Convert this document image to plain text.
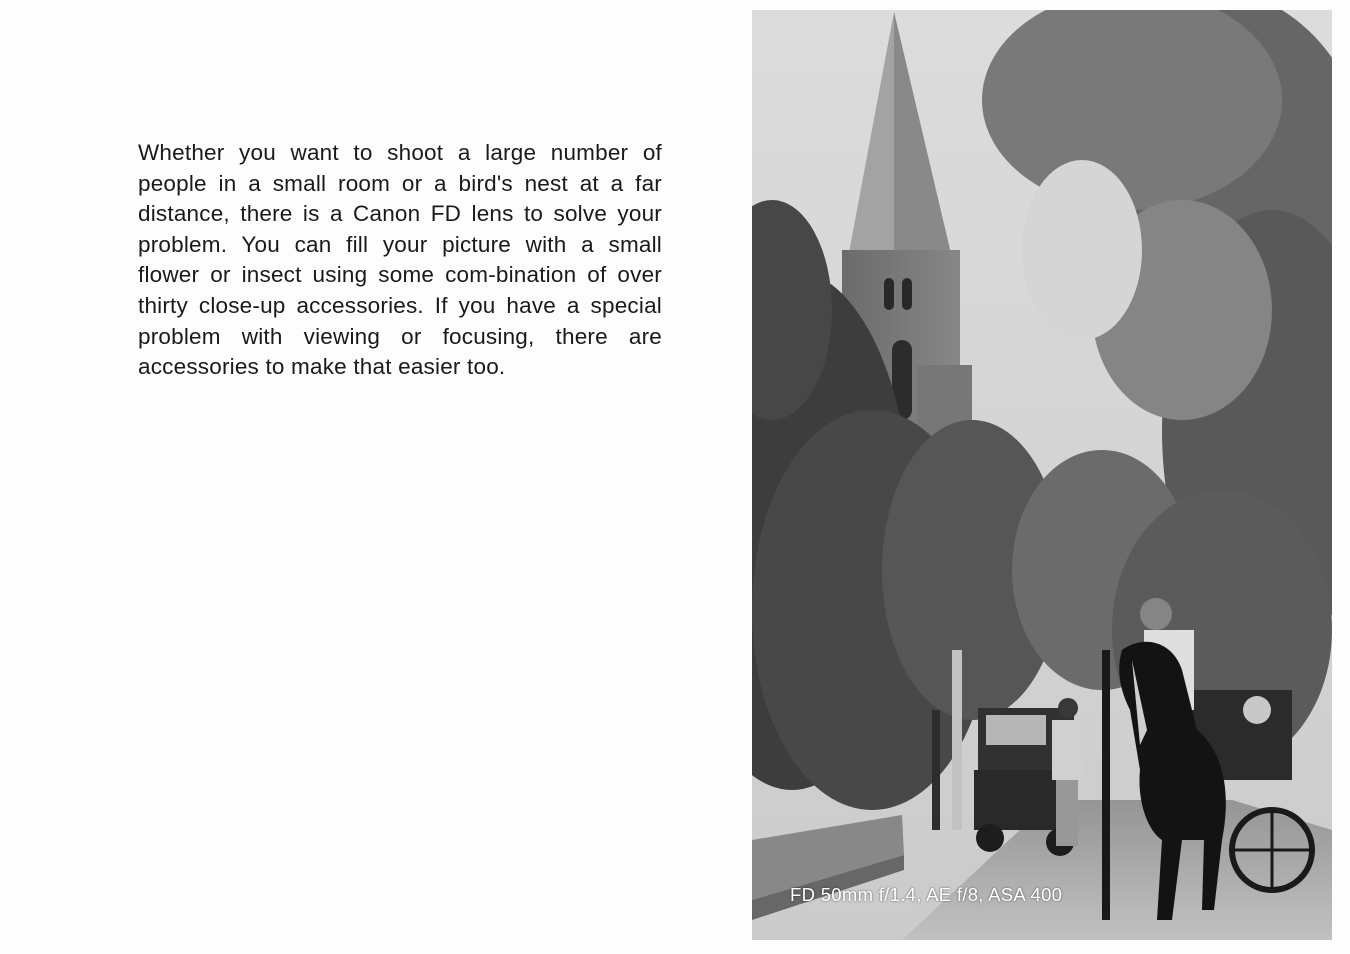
Whether you want to shoot a large number of people in a small room or a bird's nest at a far distance, there is a Canon FD lens to solve your problem. You can fill your picture with a small flower or insect using some com-bination of over thirty close-up accessories. If you have a special problem with viewing or focusing, there are accessories to make that easier too.

FD 50mm f/1.4, AE f/8, ASA 400
